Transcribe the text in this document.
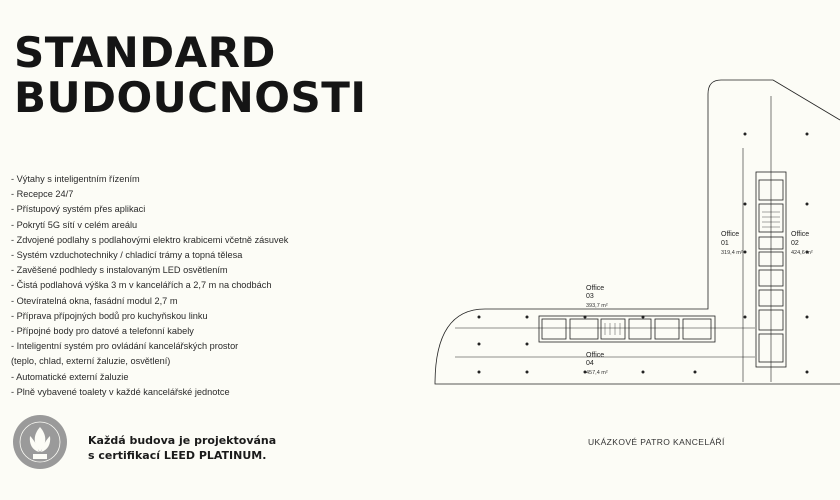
STANDARD
BUDOUCNOSTI
- Výtahy s inteligentním řízením
- Recepce 24/7
- Přístupový systém přes aplikaci
- Pokrytí 5G sítí v celém areálu
- Zdvojené podlahy s podlahovými elektro krabicemi včetně zásuvek
- Systém vzduchotechniky / chladicí trámy a topná tělesa
- Zavěšené podhledy s instalovaným LED osvětlením
- Čistá podlahová výška 3 m v kancelářích a 2,7 m na chodbách
- Otevíratelná okna, fasádní modul 2,7 m
- Příprava přípojných bodů pro kuchyňskou linku
- Přípojné body pro datové a telefonní kabely
- Inteligentní systém pro ovládání kancelářských prostor
(teplo, chlad, externí žaluzie, osvětlení)
- Automatické externí žaluzie
- Plně vybavené toalety v každé kancelářské jednotce

Každá budova je projektována
s certifikací LEED PLATINUM.

UKÁZKOVÉ PATRO KANCELÁŘÍ
Office
01
319,4 m²
Office
02
424,6 m²
Office
03
393,7 m²
Office
04
457,4 m²
